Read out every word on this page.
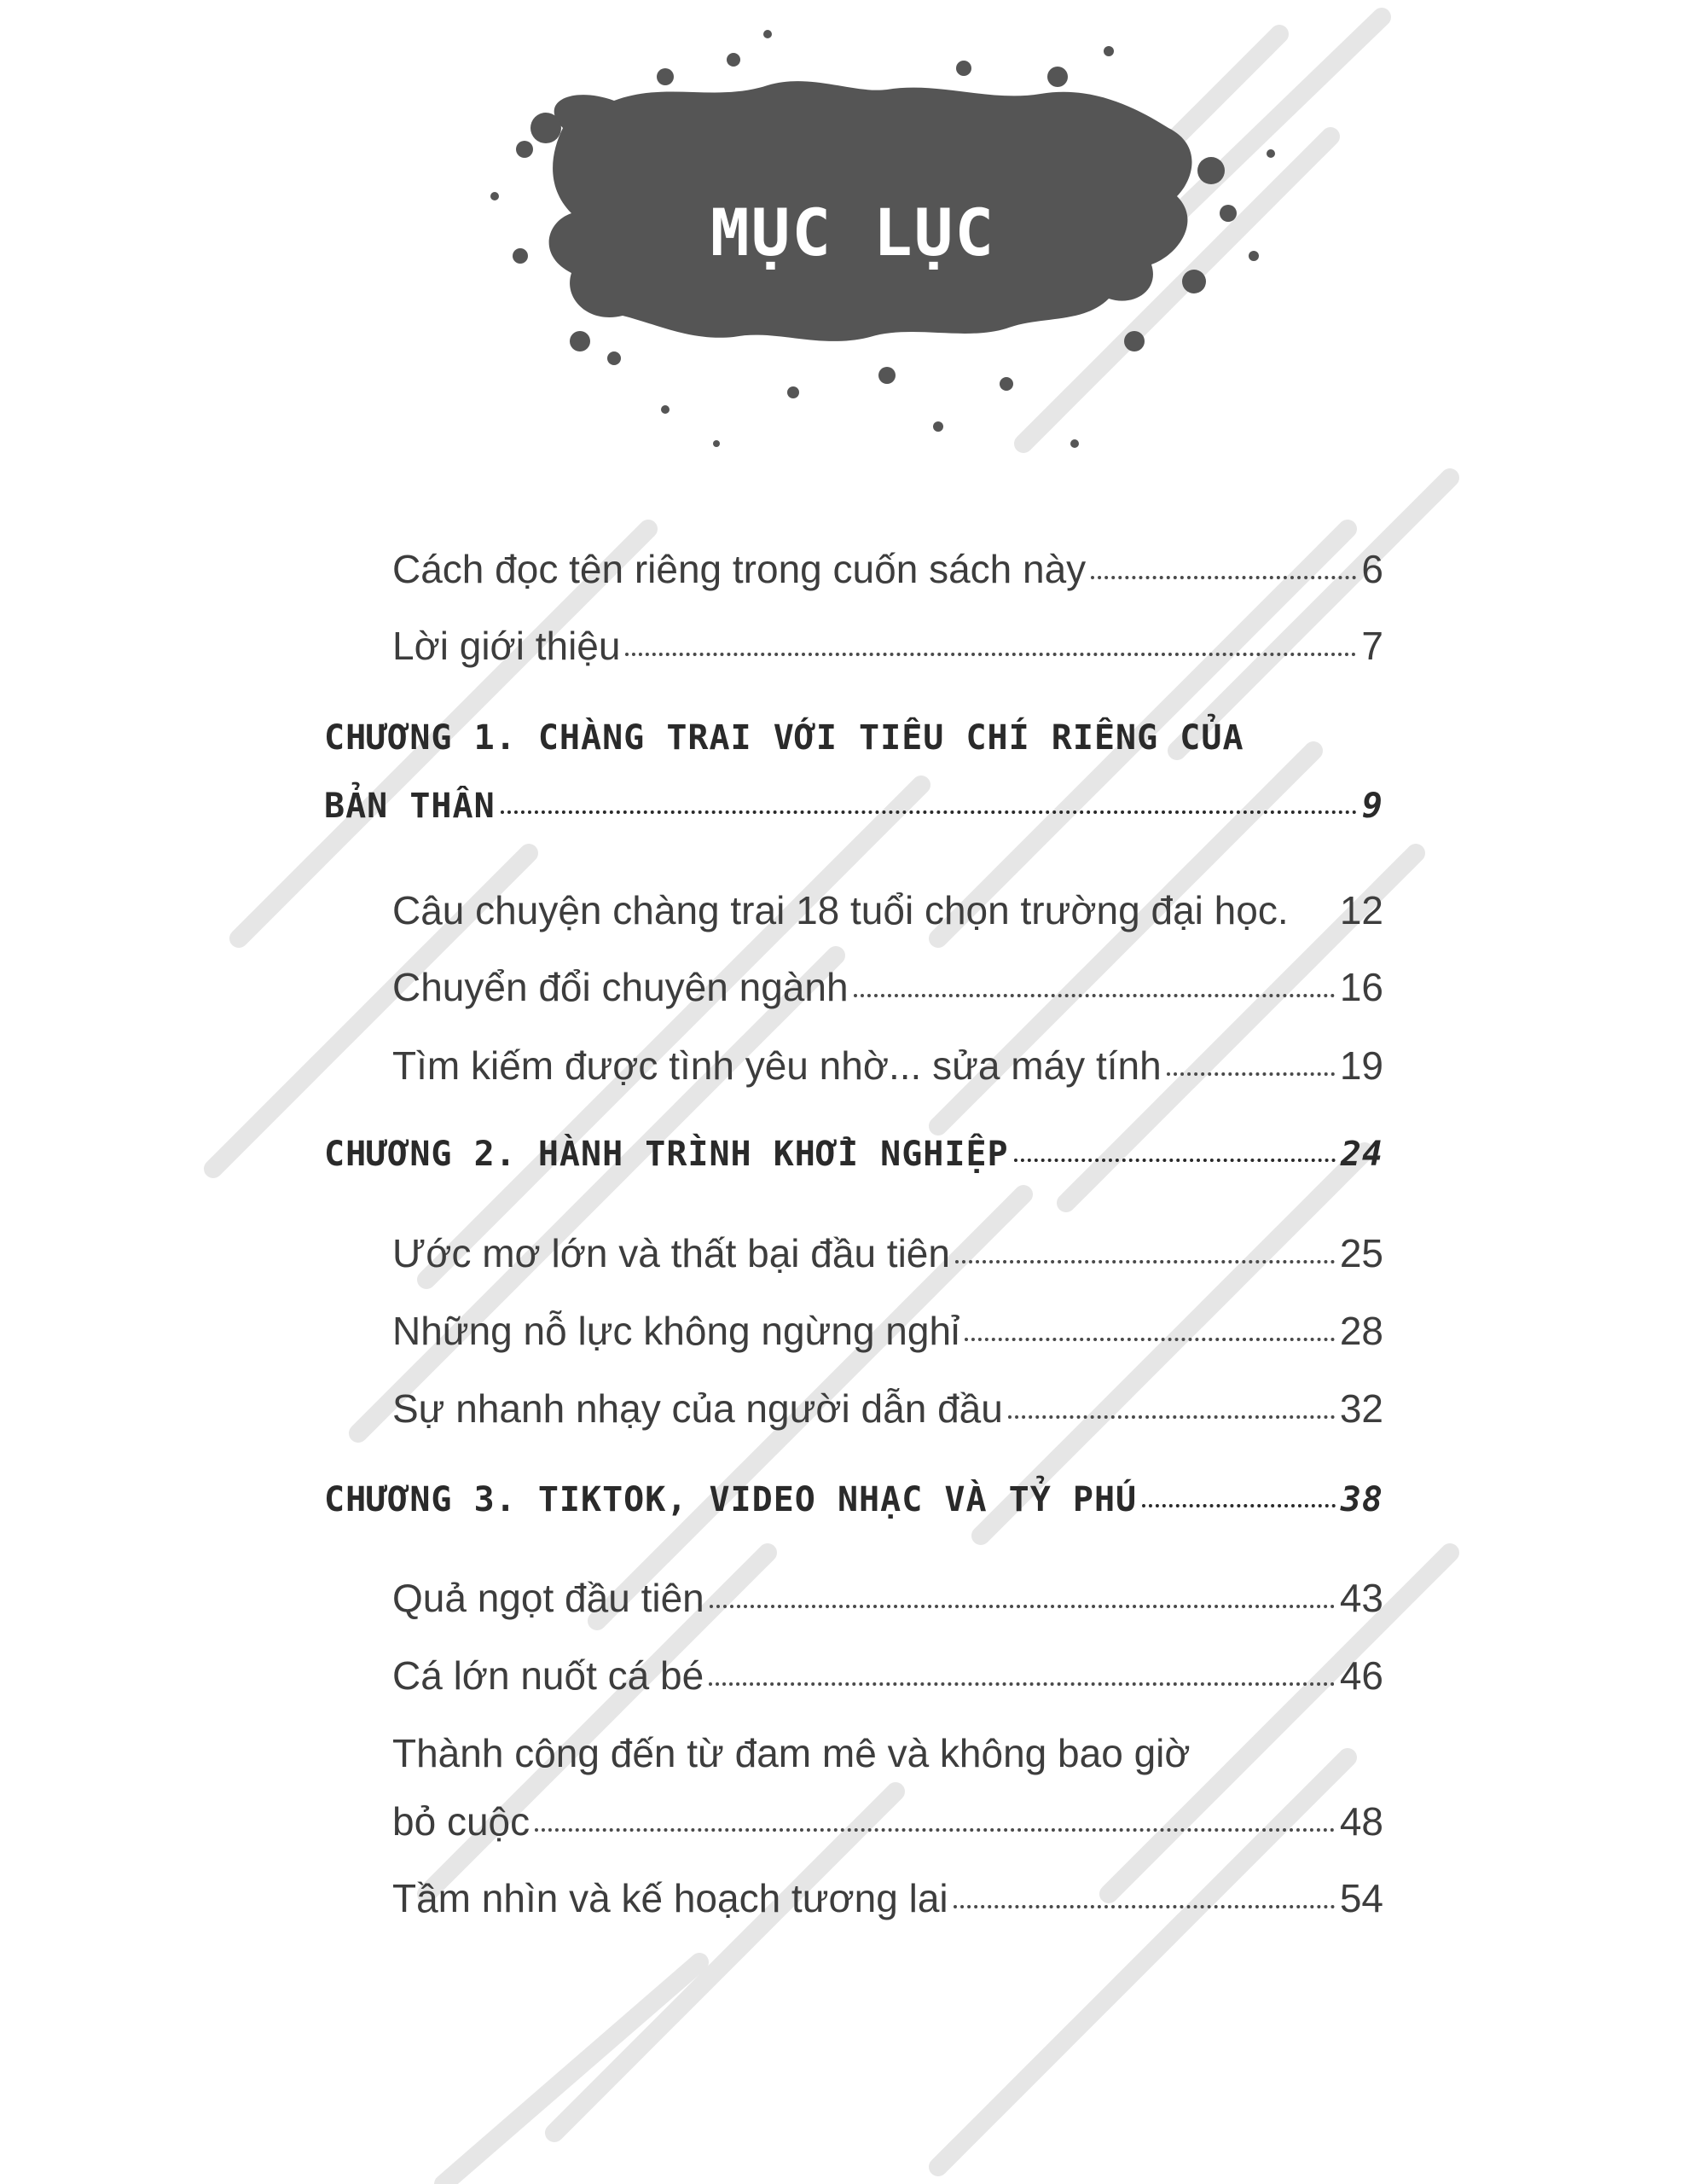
MỤC LỤC
Cách đọc tên riêng trong cuốn sách này	6
Lời giới thiệu	7
CHƯƠNG 1. CHÀNG TRAI VỚI TIÊU CHÍ RIÊNG CỦA
BẢN THÂN	9
Câu chuyện chàng trai 18 tuổi chọn trường đại học. 12
Chuyển đổi chuyên ngành	16
Tìm kiếm được tình yêu nhờ... sửa máy tính	19
CHƯƠNG 2. HÀNH TRÌNH KHỞI NGHIỆP	24
Ước mơ lớn và thất bại đầu tiên	25
Những nỗ lực không ngừng nghỉ	28
Sự nhanh nhạy của người dẫn đầu	32
CHƯƠNG 3. TIKTOK, VIDEO NHẠC VÀ TỶ PHÚ	38
Quả ngọt đầu tiên	43
Cá lớn nuốt cá bé	46
Thành công đến từ đam mê và không bao giờ
bỏ cuộc	48
Tầm nhìn và kế hoạch tương lai	54
